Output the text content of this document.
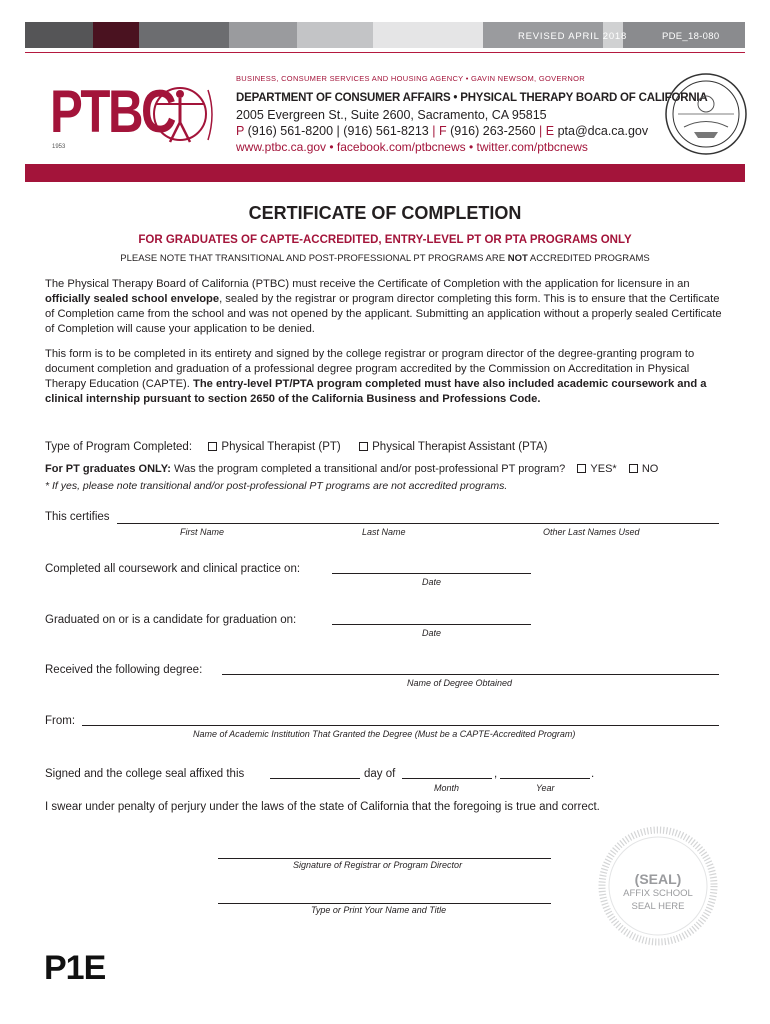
REVISED APRIL 2018	PDE_18-080
PTBC
1953
BUSINESS, CONSUMER SERVICES AND HOUSING AGENCY • GAVIN NEWSOM, GOVERNOR
DEPARTMENT OF CONSUMER AFFAIRS • PHYSICAL THERAPY BOARD OF CALIFORNIA
2005 Evergreen St., Suite 2600, Sacramento, CA 95815
P (916) 561-8200 | (916) 561-8213 | F (916) 263-2560 | E pta@dca.ca.gov
www.ptbc.ca.gov • facebook.com/ptbcnews • twitter.com/ptbcnews
CERTIFICATE OF COMPLETION
FOR GRADUATES OF CAPTE-ACCREDITED, ENTRY-LEVEL PT OR PTA PROGRAMS ONLY
PLEASE NOTE THAT TRANSITIONAL AND POST-PROFESSIONAL PT PROGRAMS ARE NOT ACCREDITED PROGRAMS
The Physical Therapy Board of California (PTBC) must receive the Certificate of Completion with the application for licensure in an officially sealed school envelope, sealed by the registrar or program director completing this form. This is to ensure that the Certificate of Completion came from the school and was not opened by the applicant. Submitting an application without a properly sealed Certificate of Completion will cause your application to be denied.
This form is to be completed in its entirety and signed by the college registrar or program director of the degree-granting program to document completion and graduation of a professional degree program accredited by the Commission on Accreditation in Physical Therapy Education (CAPTE). The entry-level PT/PTA program completed must have also included academic coursework and a clinical internship pursuant to section 2650 of the California Business and Professions Code.
Type of Program Completed:	Physical Therapist (PT)	Physical Therapist Assistant (PTA)
For PT graduates ONLY: Was the program completed a transitional and/or post-professional PT program? YES* NO
* If yes, please note transitional and/or post-professional PT programs are not accredited programs.
This certifies
First Name	Last Name	Other Last Names Used
Completed all coursework and clinical practice on:
Date
Graduated on or is a candidate for graduation on:
Date
Received the following degree:
Name of Degree Obtained
From:
Name of Academic Institution That Granted the Degree (Must be a CAPTE-Accredited Program)
Signed and the college seal affixed this	day of	,	.
Month	Year
I swear under penalty of perjury under the laws of the state of California that the foregoing is true and correct.
Signature of Registrar or Program Director
Type or Print Your Name and Title
(SEAL)
AFFIX SCHOOL
SEAL HERE
P1E
